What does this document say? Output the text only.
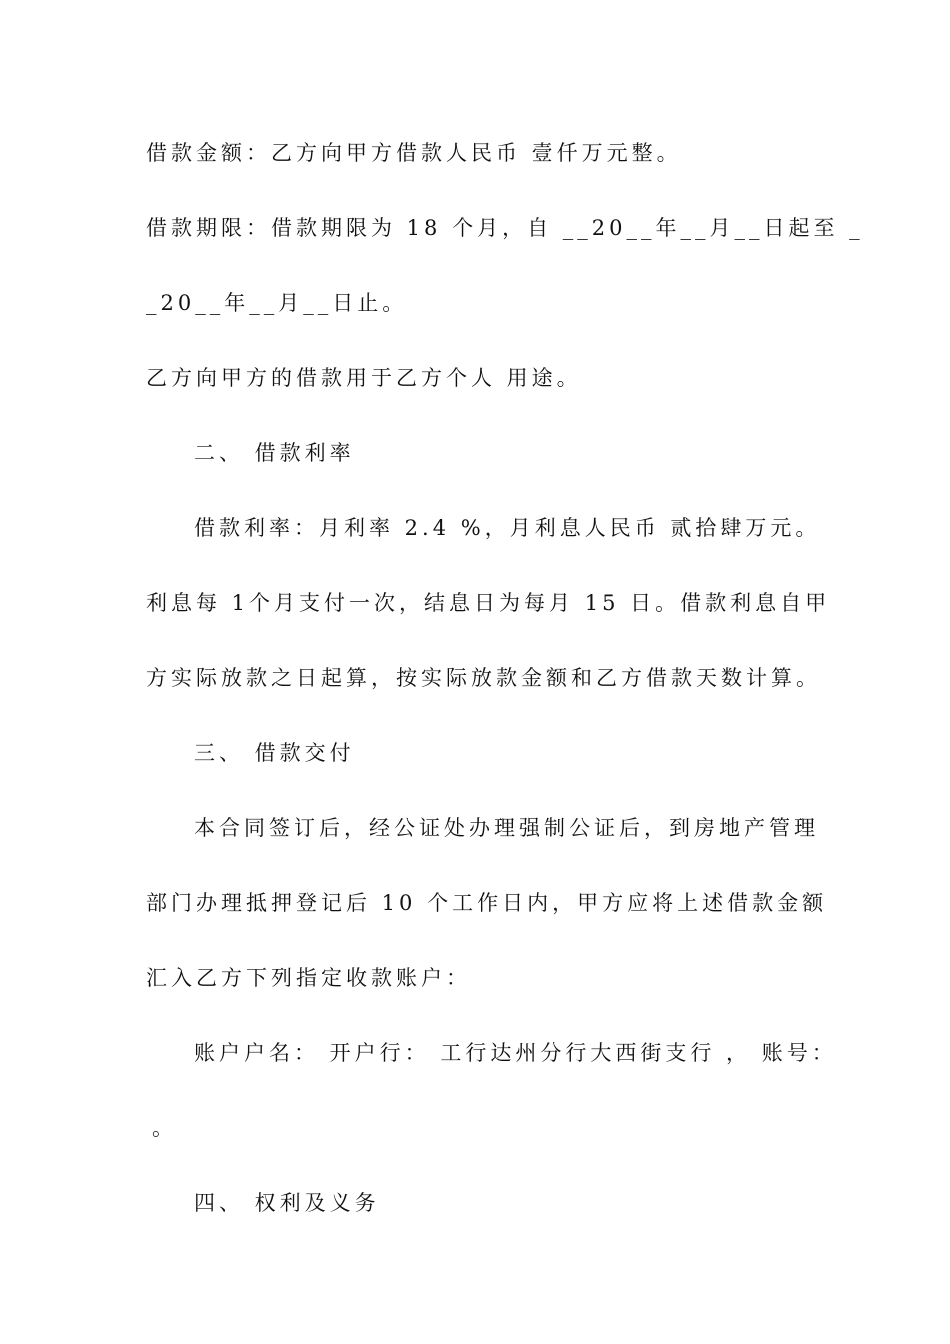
借款金额：乙方向甲方借款人民币 壹仟万元整。
借款期限：借款期限为 18 个月，自 __20__年__月__日起至 _
_20__年__月__日止。
乙方向甲方的借款用于乙方个人 用途。
二、 借款利率
借款利率：月利率 2.4 %，月利息人民币 贰拾肆万元。
利息每 1个月支付一次，结息日为每月 15 日。借款利息自甲
方实际放款之日起算，按实际放款金额和乙方借款天数计算。
三、 借款交付
本合同签订后，经公证处办理强制公证后，到房地产管理
部门办理抵押登记后 10 个工作日内，甲方应将上述借款金额
汇入乙方下列指定收款账户：
账户户名： 开户行： 工行达州分行大西街支行 ， 账号：
。
四、 权利及义务
